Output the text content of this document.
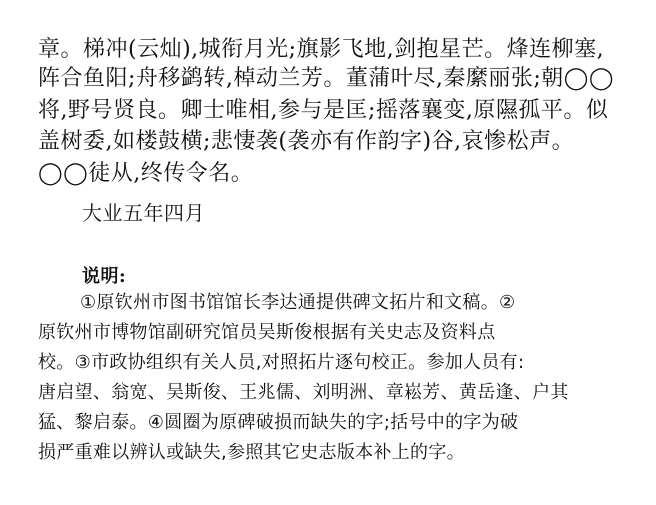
章。梯冲(云灿),城衔月光;旗影飞地,剑抱星芒。烽连柳塞,
阵合鱼阳;舟移鹢转,棹动兰芳。董蒲叶尽,秦縻丽张;朝◯◯
将,野号贤良。卿士唯相,参与是匡;摇落襄变,原隰孤平。似
盖树委,如楼鼓横;悲悽袭(袭亦有作韵字)谷,哀惨松声。
◯◯徒从,终传令名。
大业五年四月
说明:
①原钦州市图书馆馆长李达通提供碑文拓片和文稿。②
原钦州市博物馆副研究馆员吴斯俊根据有关史志及资料点
校。③市政协组织有关人员,对照拓片逐句校正。参加人员有:
唐启望、翁宽、吴斯俊、王兆儒、刘明洲、章崧芳、黄岳逢、户其
猛、黎启泰。④圆圈为原碑破损而缺失的字;括号中的字为破
损严重难以辨认或缺失,参照其它史志版本补上的字。
